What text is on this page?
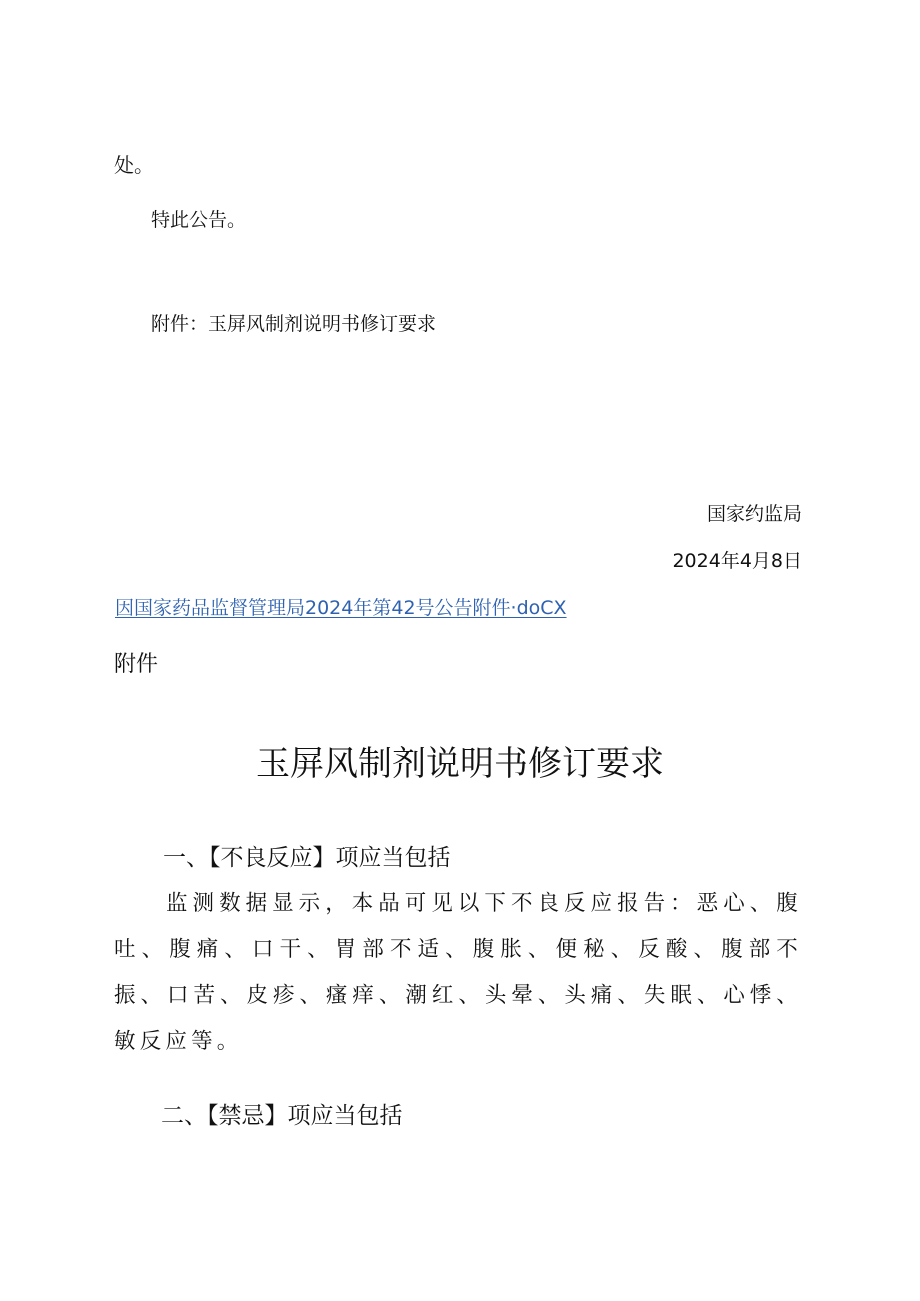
处。
特此公告。
附件：玉屏风制剂说明书修订要求
国家约监局
2024年4月8日
因国家药品监督管理局2024年第42号公告附件·doCX
附件
玉屏风制剂说明书修订要求
一、【不良反应】项应当包括
监测数据显示，本品可见以下不良反应报告：恶心、腹
吐、腹痛、口干、胃部不适、腹胀、便秘、反酸、腹部不
振、口苦、皮疹、瘙痒、潮红、头晕、头痛、失眠、心悸、
敏反应等。
二、【禁忌】项应当包括
